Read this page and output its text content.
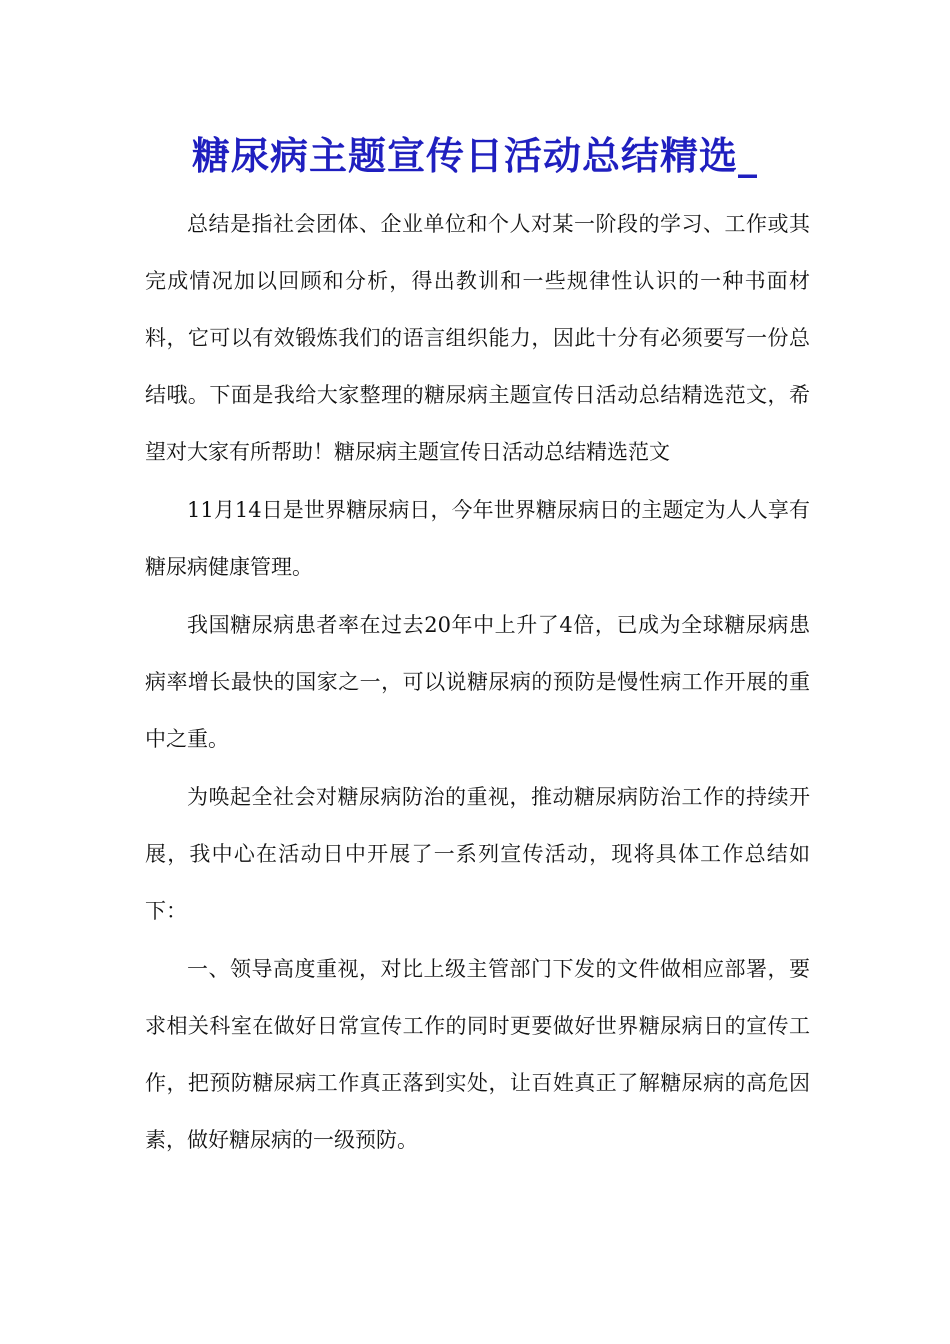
糖尿病主题宣传日活动总结精选_

总结是指社会团体、企业单位和个人对某一阶段的学习、工作或其完成情况加以回顾和分析，得出教训和一些规律性认识的一种书面材料，它可以有效锻炼我们的语言组织能力，因此十分有必须要写一份总结哦。下面是我给大家整理的糖尿病主题宣传日活动总结精选范文，希望对大家有所帮助！糖尿病主题宣传日活动总结精选范文

11月14日是世界糖尿病日，今年世界糖尿病日的主题定为人人享有糖尿病健康管理。

我国糖尿病患者率在过去20年中上升了4倍，已成为全球糖尿病患病率增长最快的国家之一，可以说糖尿病的预防是慢性病工作开展的重中之重。

为唤起全社会对糖尿病防治的重视，推动糖尿病防治工作的持续开展，我中心在活动日中开展了一系列宣传活动，现将具体工作总结如下：

一、领导高度重视，对比上级主管部门下发的文件做相应部署，要求相关科室在做好日常宣传工作的同时更要做好世界糖尿病日的宣传工作，把预防糖尿病工作真正落到实处，让百姓真正了解糖尿病的高危因素，做好糖尿病的一级预防。
